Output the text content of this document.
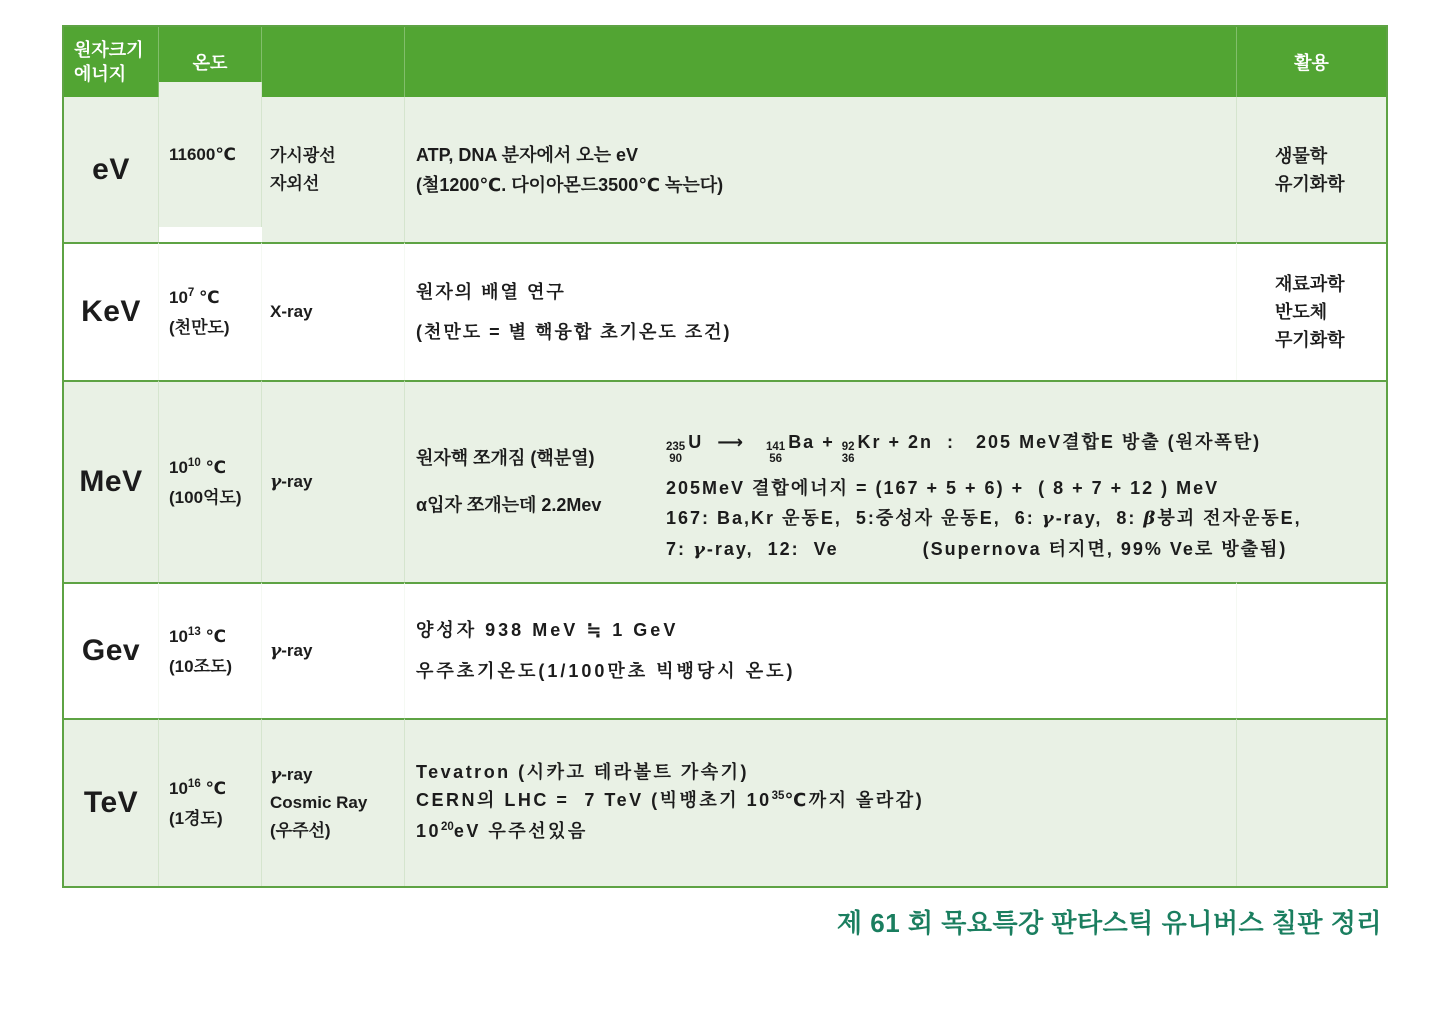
원자크기
에너지
온도	활용
eV 11600℃	가시광선
자외선
ATP, DNA 분자에서 오는 eV
(철1200℃. 다이아몬드3500℃ 녹는다)
생물학
유기화학
KeV $10^7$ ℃
(천만도)
X-ray
원자의 배열 연구
(천만도 = 별 핵융합 초기온도 조건)
재료과학
반도체
무기화학
MeV $10^{10}$ ℃
(100억도)
γ-ray
원자핵 쪼개짐 (핵분열)
α입자 쪼개는데 2.2Mev
235
90
U  ⟶ 141
56
Ba + 92
36
Kr + 2n  :   205 MeV결합E 방출 (원자폭탄)
205MeV 결합에너지 = (167 + 5 + 6) +  ( 8 + 7 + 12 ) MeV
167: Ba,Kr 운동E,  5:중성자 운동E,  6: γ-ray,  8: β붕괴 전자운동E,
7: γ-ray,  12:  Ve            (Supernova 터지면, 99% Ve로 방출됨)
Gev $10^{13}$ ℃
(10조도)
γ-ray
양성자 938 MeV ≒ 1 GeV
우주초기온도(1/100만초 빅뱅당시 온도)
TeV $10^{16}$ ℃
(1경도)
γ-ray
Cosmic Ray
(우주선)
Tevatron (시카고 테라볼트 가속기)
CERN의 LHC =  7 TeV (빅뱅초기 $10^{35}℃$까지 올라감)
$10^{20}eV$ 우주선있음
제 61 회 목요특강 판타스틱 유니버스 칠판 정리
